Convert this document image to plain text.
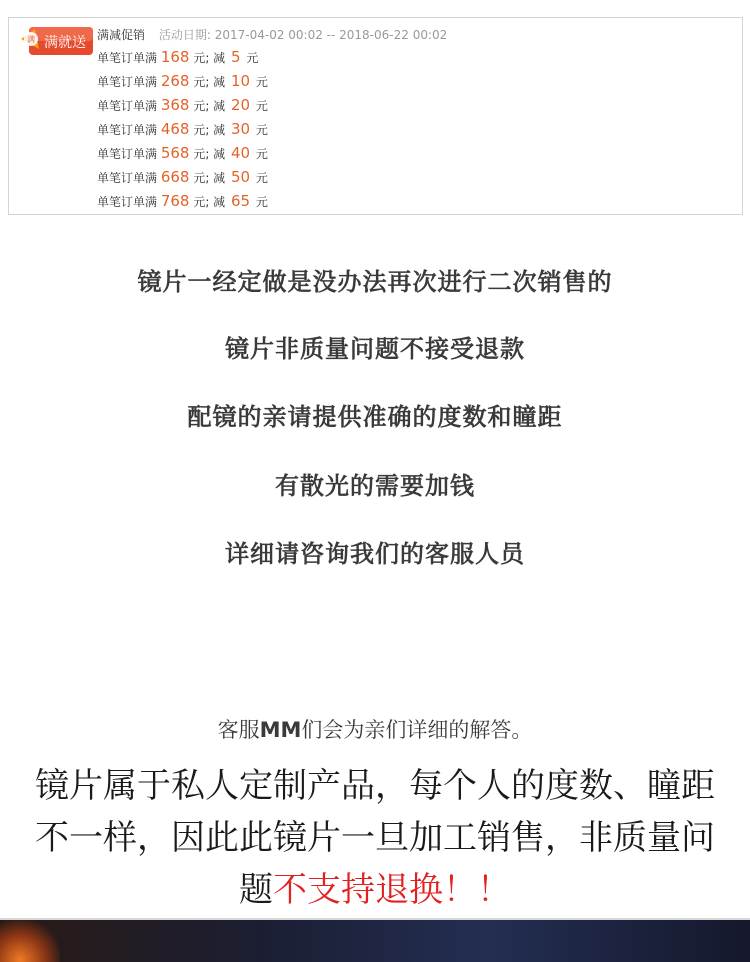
满 满就送 满减促销 活动日期: 2017-04-02 00:02 -- 2018-06-22 00:02
单笔订单满 168 元; 减 5 元
单笔订单满 268 元; 减 10 元
单笔订单满 368 元; 减 20 元
单笔订单满 468 元; 减 30 元
单笔订单满 568 元; 减 40 元
单笔订单满 668 元; 减 50 元
单笔订单满 768 元; 减 65 元
镜片一经定做是没办法再次进行二次销售的
镜片非质量问题不接受退款
配镜的亲请提供准确的度数和瞳距
有散光的需要加钱
详细请咨询我们的客服人员
客服MM们会为亲们详细的解答。
镜片属于私人定制产品，每个人的度数、瞳距
不一样，因此此镜片一旦加工销售，非质量问
题不支持退换！！
